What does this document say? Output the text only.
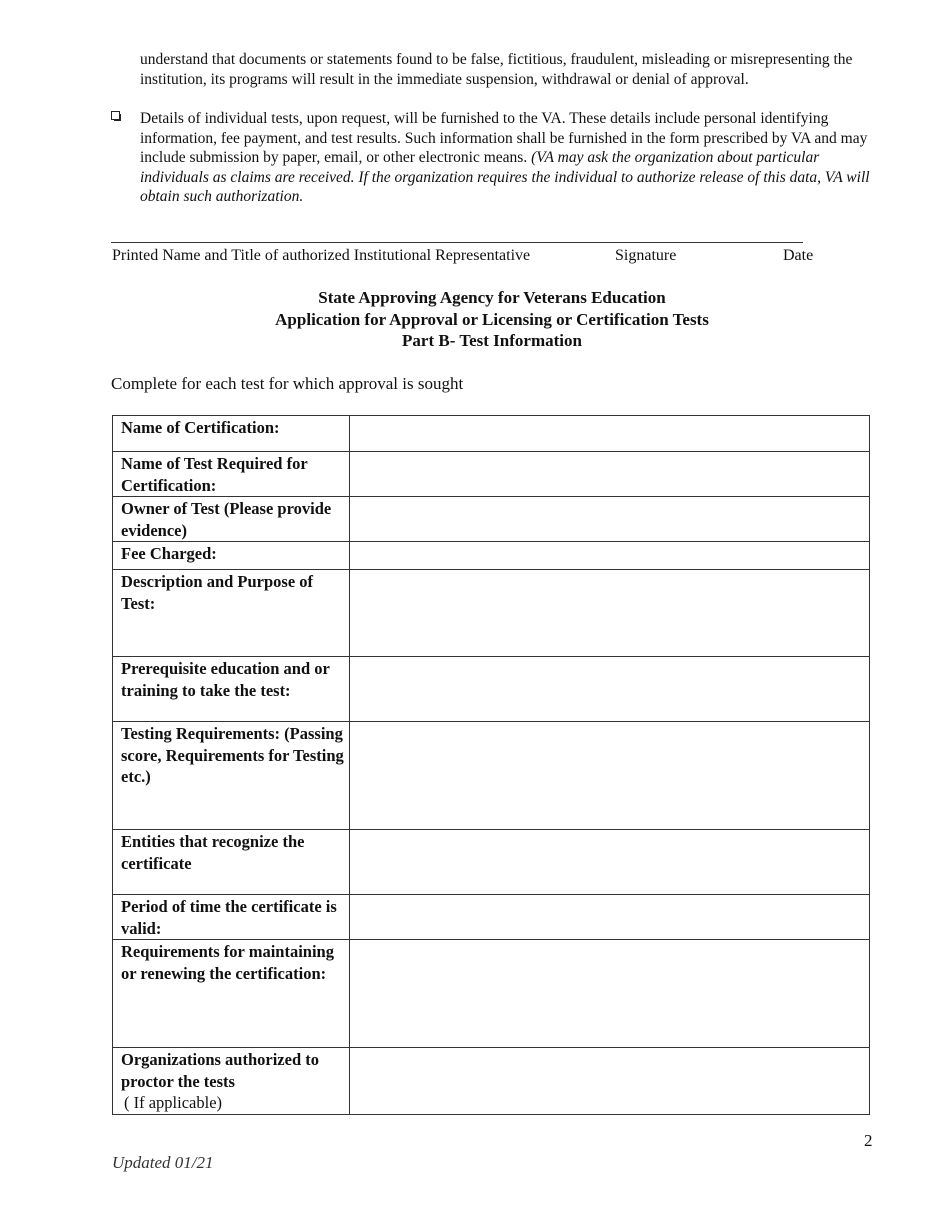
understand that documents or statements found to be false, fictitious, fraudulent, misleading or misrepresenting the institution, its programs will result in the immediate suspension, withdrawal or denial of approval.
Details of individual tests, upon request, will be furnished to the VA. These details include personal identifying information, fee payment, and test results. Such information shall be furnished in the form prescribed by VA and may include submission by paper, email, or other electronic means. (VA may ask the organization about particular individuals as claims are received. If the organization requires the individual to authorize release of this data, VA will obtain such authorization.
Printed Name and Title of authorized Institutional Representative	Signature	Date
State Approving Agency for Veterans Education
Application for Approval or Licensing or Certification Tests
Part B- Test Information
Complete for each test for which approval is sought
Name of Certification:	
Name of Test Required for Certification:	
Owner of Test (Please provide evidence)	
Fee Charged:	
Description and Purpose of Test:	
Prerequisite education and or training to take the test:	
Testing Requirements: (Passing score, Requirements for Testing etc.)	
Entities that recognize the certificate	
Period of time the certificate is valid:	
Requirements for maintaining or renewing the certification:	
Organizations authorized to proctor the tests
( If applicable)	

2
Updated 01/21
